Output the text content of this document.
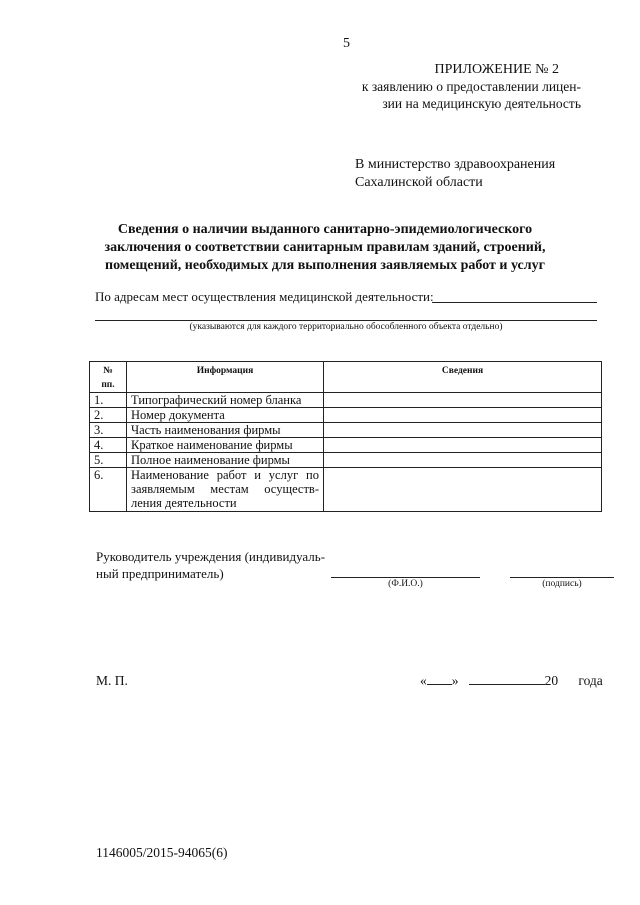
5
ПРИЛОЖЕНИЕ № 2
к заявлению о предоставлении лицен-
зии на медицинскую деятельность
В министерство здравоохранения
Сахалинской области
Сведения о наличии выданного санитарно-эпидемиологического
заключения о соответствии санитарным правилам зданий, строений,
помещений, необходимых для выполнения заявляемых работ и услуг
По адресам мест осуществления медицинской деятельности:
(указываются для каждого территориально обособленного объекта отдельно)
№
пп.	Информация	Сведения
1.	Типографический номер бланка	
2.	Номер документа	
3.	Часть наименования фирмы	
4.	Краткое наименование фирмы	
5.	Полное наименование фирмы	
6.	Наименование работ и услуг по заявляемым местам осуществ-ления деятельности	
Руководитель учреждения (индивидуаль-
ный предприниматель)
(Ф.И.О.)	(подпись)
М. П.	« »	20 года
1146005/2015-94065(6)
